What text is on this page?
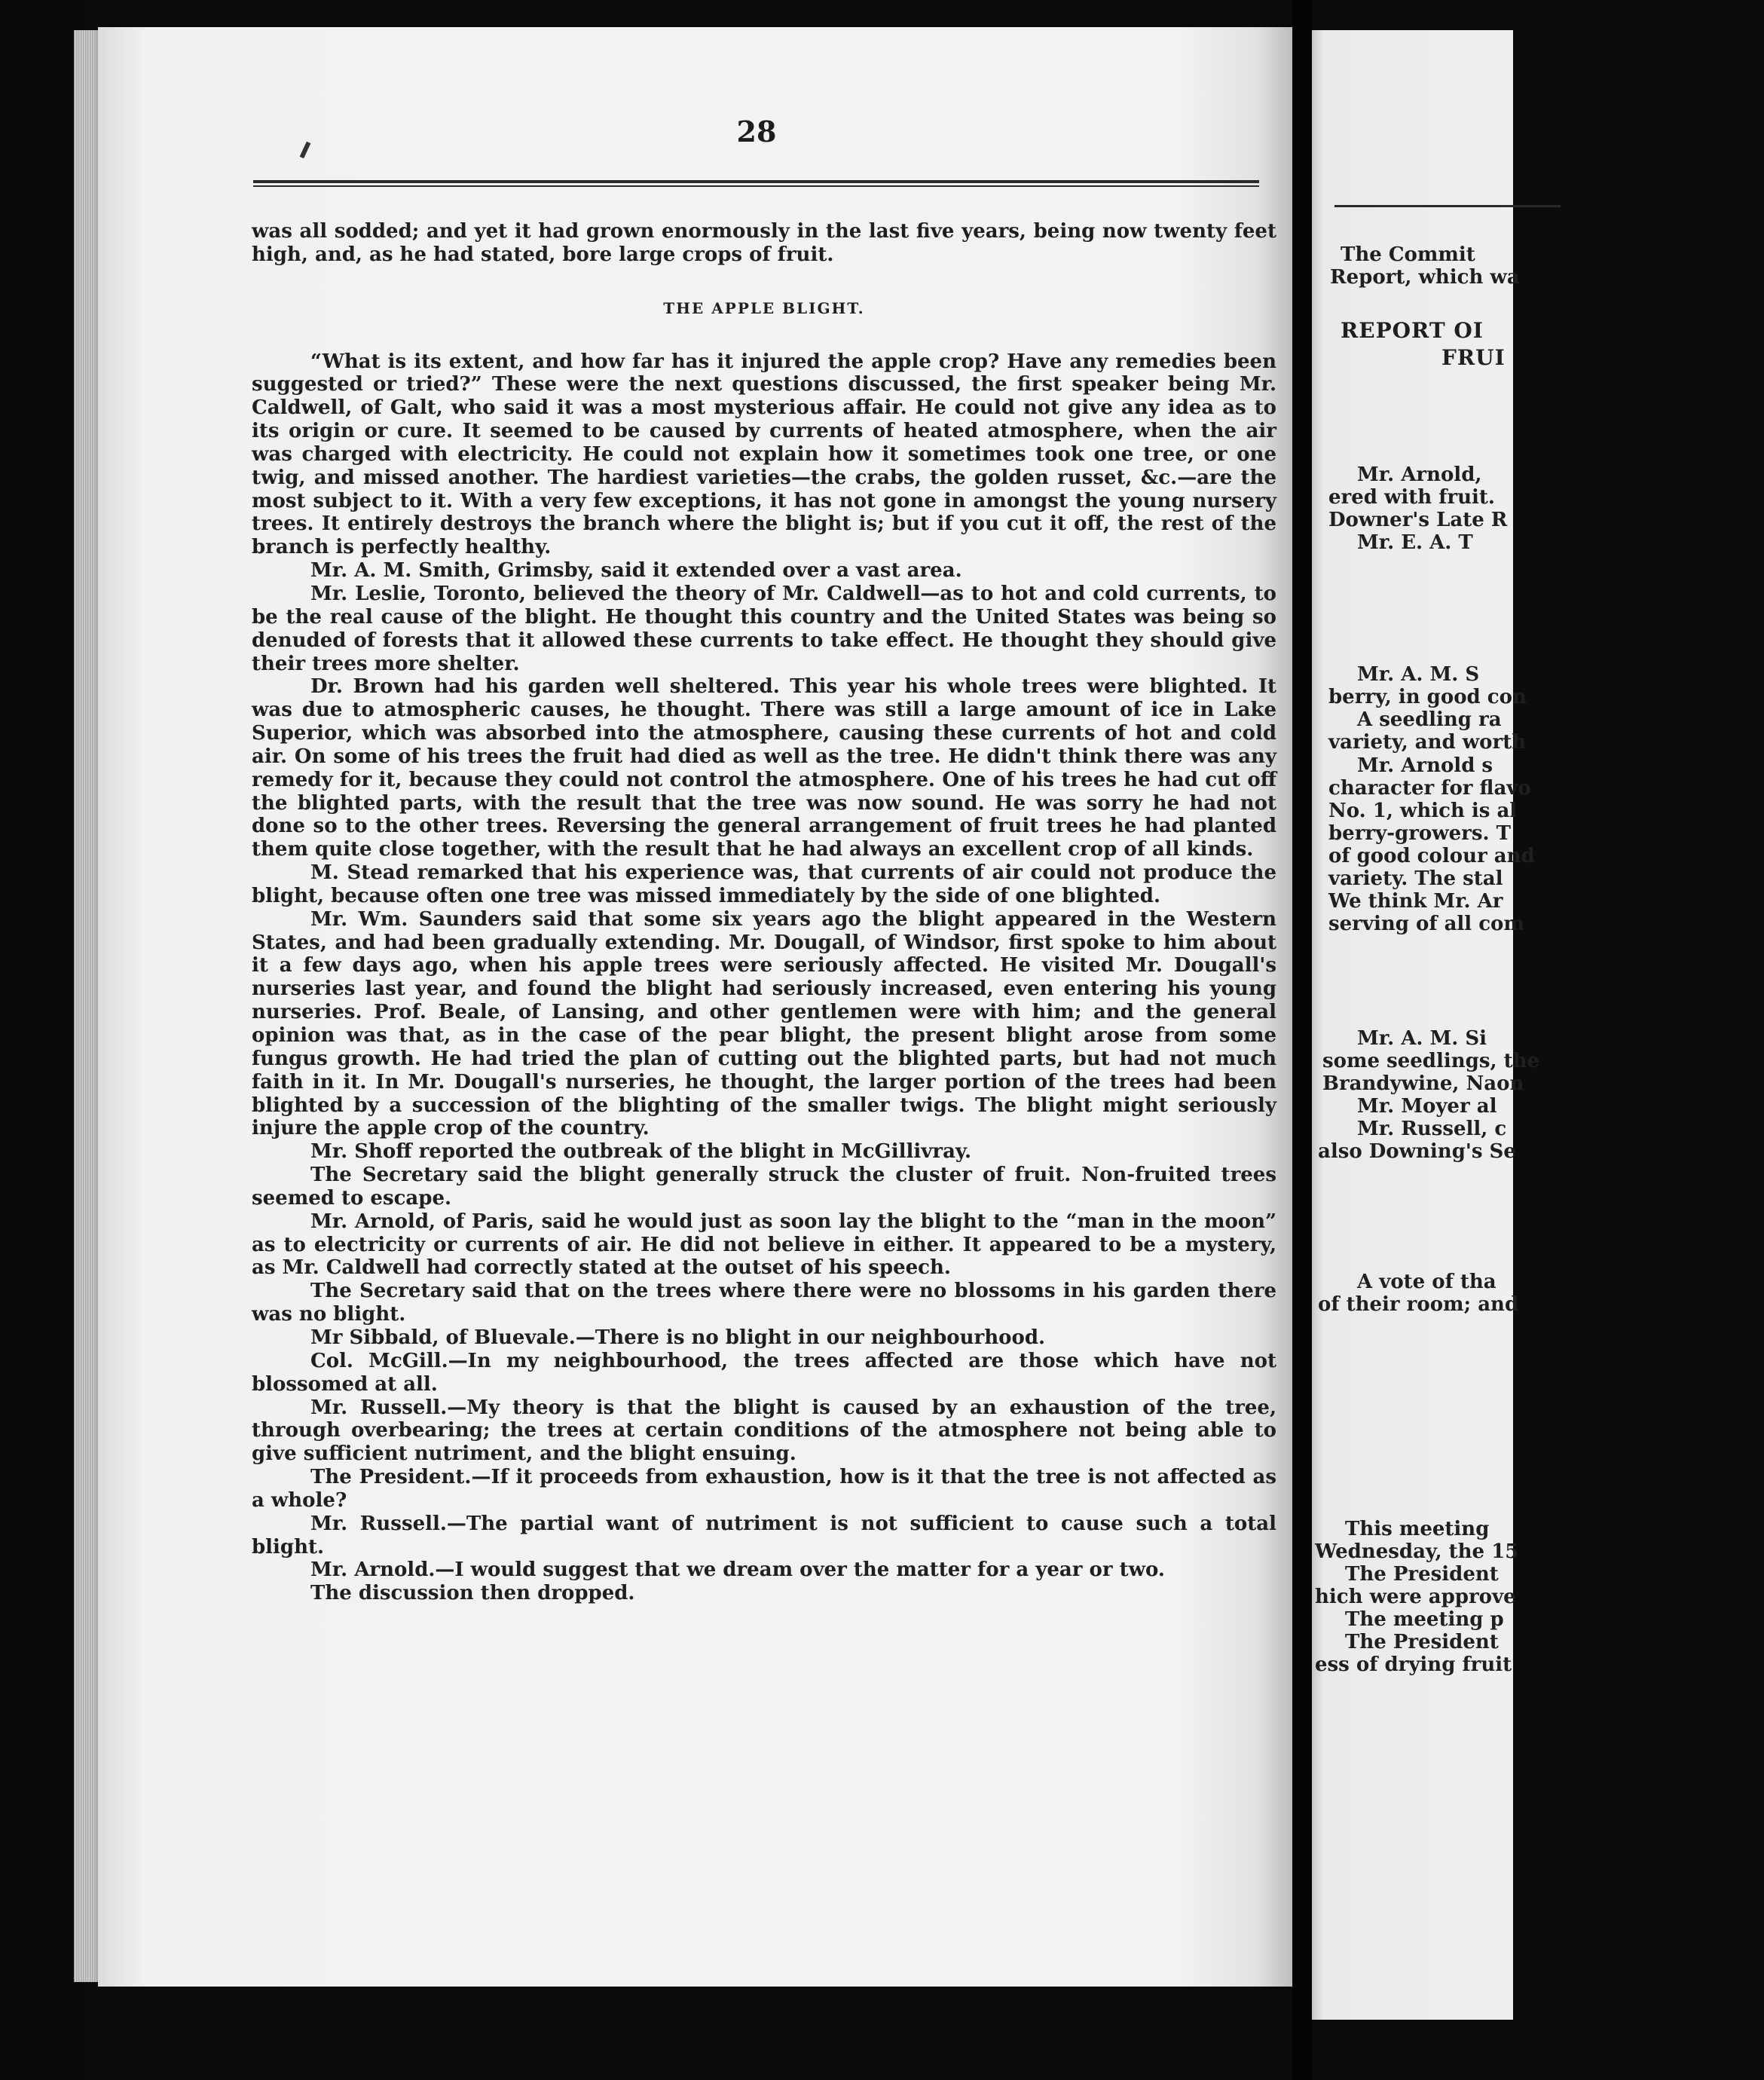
28

was all sodded; and yet it had grown enormously in the last five years, being now twenty feet high, and, as he had stated, bore large crops of fruit.

THE APPLE BLIGHT.

“What is its extent, and how far has it injured the apple crop? Have any remedies been suggested or tried?” These were the next questions discussed, the first speaker being Mr. Caldwell, of Galt, who said it was a most mysterious affair. He could not give any idea as to its origin or cure. It seemed to be caused by currents of heated atmosphere, when the air was charged with electricity. He could not explain how it sometimes took one tree, or one twig, and missed another. The hardiest varieties—the crabs, the golden russet, &c.—are the most subject to it. With a very few exceptions, it has not gone in amongst the young nursery trees. It entirely destroys the branch where the blight is; but if you cut it off, the rest of the branch is perfectly healthy.

Mr. A. M. Smith, Grimsby, said it extended over a vast area.

Mr. Leslie, Toronto, believed the theory of Mr. Caldwell—as to hot and cold currents, to be the real cause of the blight. He thought this country and the United States was being so denuded of forests that it allowed these currents to take effect. He thought they should give their trees more shelter.

Dr. Brown had his garden well sheltered. This year his whole trees were blighted. It was due to atmospheric causes, he thought. There was still a large amount of ice in Lake Superior, which was absorbed into the atmosphere, causing these currents of hot and cold air. On some of his trees the fruit had died as well as the tree. He didn't think there was any remedy for it, because they could not control the atmosphere. One of his trees he had cut off the blighted parts, with the result that the tree was now sound. He was sorry he had not done so to the other trees. Reversing the general arrangement of fruit trees he had planted them quite close together, with the result that he had always an excellent crop of all kinds.

M. Stead remarked that his experience was, that currents of air could not produce the blight, because often one tree was missed immediately by the side of one blighted.

Mr. Wm. Saunders said that some six years ago the blight appeared in the Western States, and had been gradually extending. Mr. Dougall, of Windsor, first spoke to him about it a few days ago, when his apple trees were seriously affected. He visited Mr. Dougall's nurseries last year, and found the blight had seriously increased, even entering his young nurseries. Prof. Beale, of Lansing, and other gentlemen were with him; and the general opinion was that, as in the case of the pear blight, the present blight arose from some fungus growth. He had tried the plan of cutting out the blighted parts, but had not much faith in it. In Mr. Dougall's nurseries, he thought, the larger portion of the trees had been blighted by a succession of the blighting of the smaller twigs. The blight might seriously injure the apple crop of the country.

Mr. Shoff reported the outbreak of the blight in McGillivray.

The Secretary said the blight generally struck the cluster of fruit. Non-fruited trees seemed to escape.

Mr. Arnold, of Paris, said he would just as soon lay the blight to the “man in the moon” as to electricity or currents of air. He did not believe in either. It appeared to be a mystery, as Mr. Caldwell had correctly stated at the outset of his speech.

The Secretary said that on the trees where there were no blossoms in his garden there was no blight.

Mr Sibbald, of Bluevale.—There is no blight in our neighbourhood.

Col. McGill.—In my neighbourhood, the trees affected are those which have not blossomed at all.

Mr. Russell.—My theory is that the blight is caused by an exhaustion of the tree, through overbearing; the trees at certain conditions of the atmosphere not being able to give sufficient nutriment, and the blight ensuing.

The President.—If it proceeds from exhaustion, how is it that the tree is not affected as a whole?

Mr. Russell.—The partial want of nutriment is not sufficient to cause such a total blight.

Mr. Arnold.—I would suggest that we dream over the matter for a year or two.

The discussion then dropped.

The Commit
Report, which wa
REPORT OI
FRUI
Mr. Arnold,
ered with fruit.
Downer's Late R
Mr. E. A. T
Mr. A. M. S
berry, in good con
A seedling ra
variety, and worth
Mr. Arnold s
character for flavo
No. 1, which is al
berry-growers. T
of good colour and
variety. The stal
We think Mr. Ar
serving of all com
Mr. A. M. Si
some seedlings, the
Brandywine, Naon
Mr. Moyer al
Mr. Russell, c
also Downing's Se
A vote of tha
of their room; and
This meeting
Wednesday, the 15
The President
hich were approve
The meeting p
The President
ess of drying fruit
